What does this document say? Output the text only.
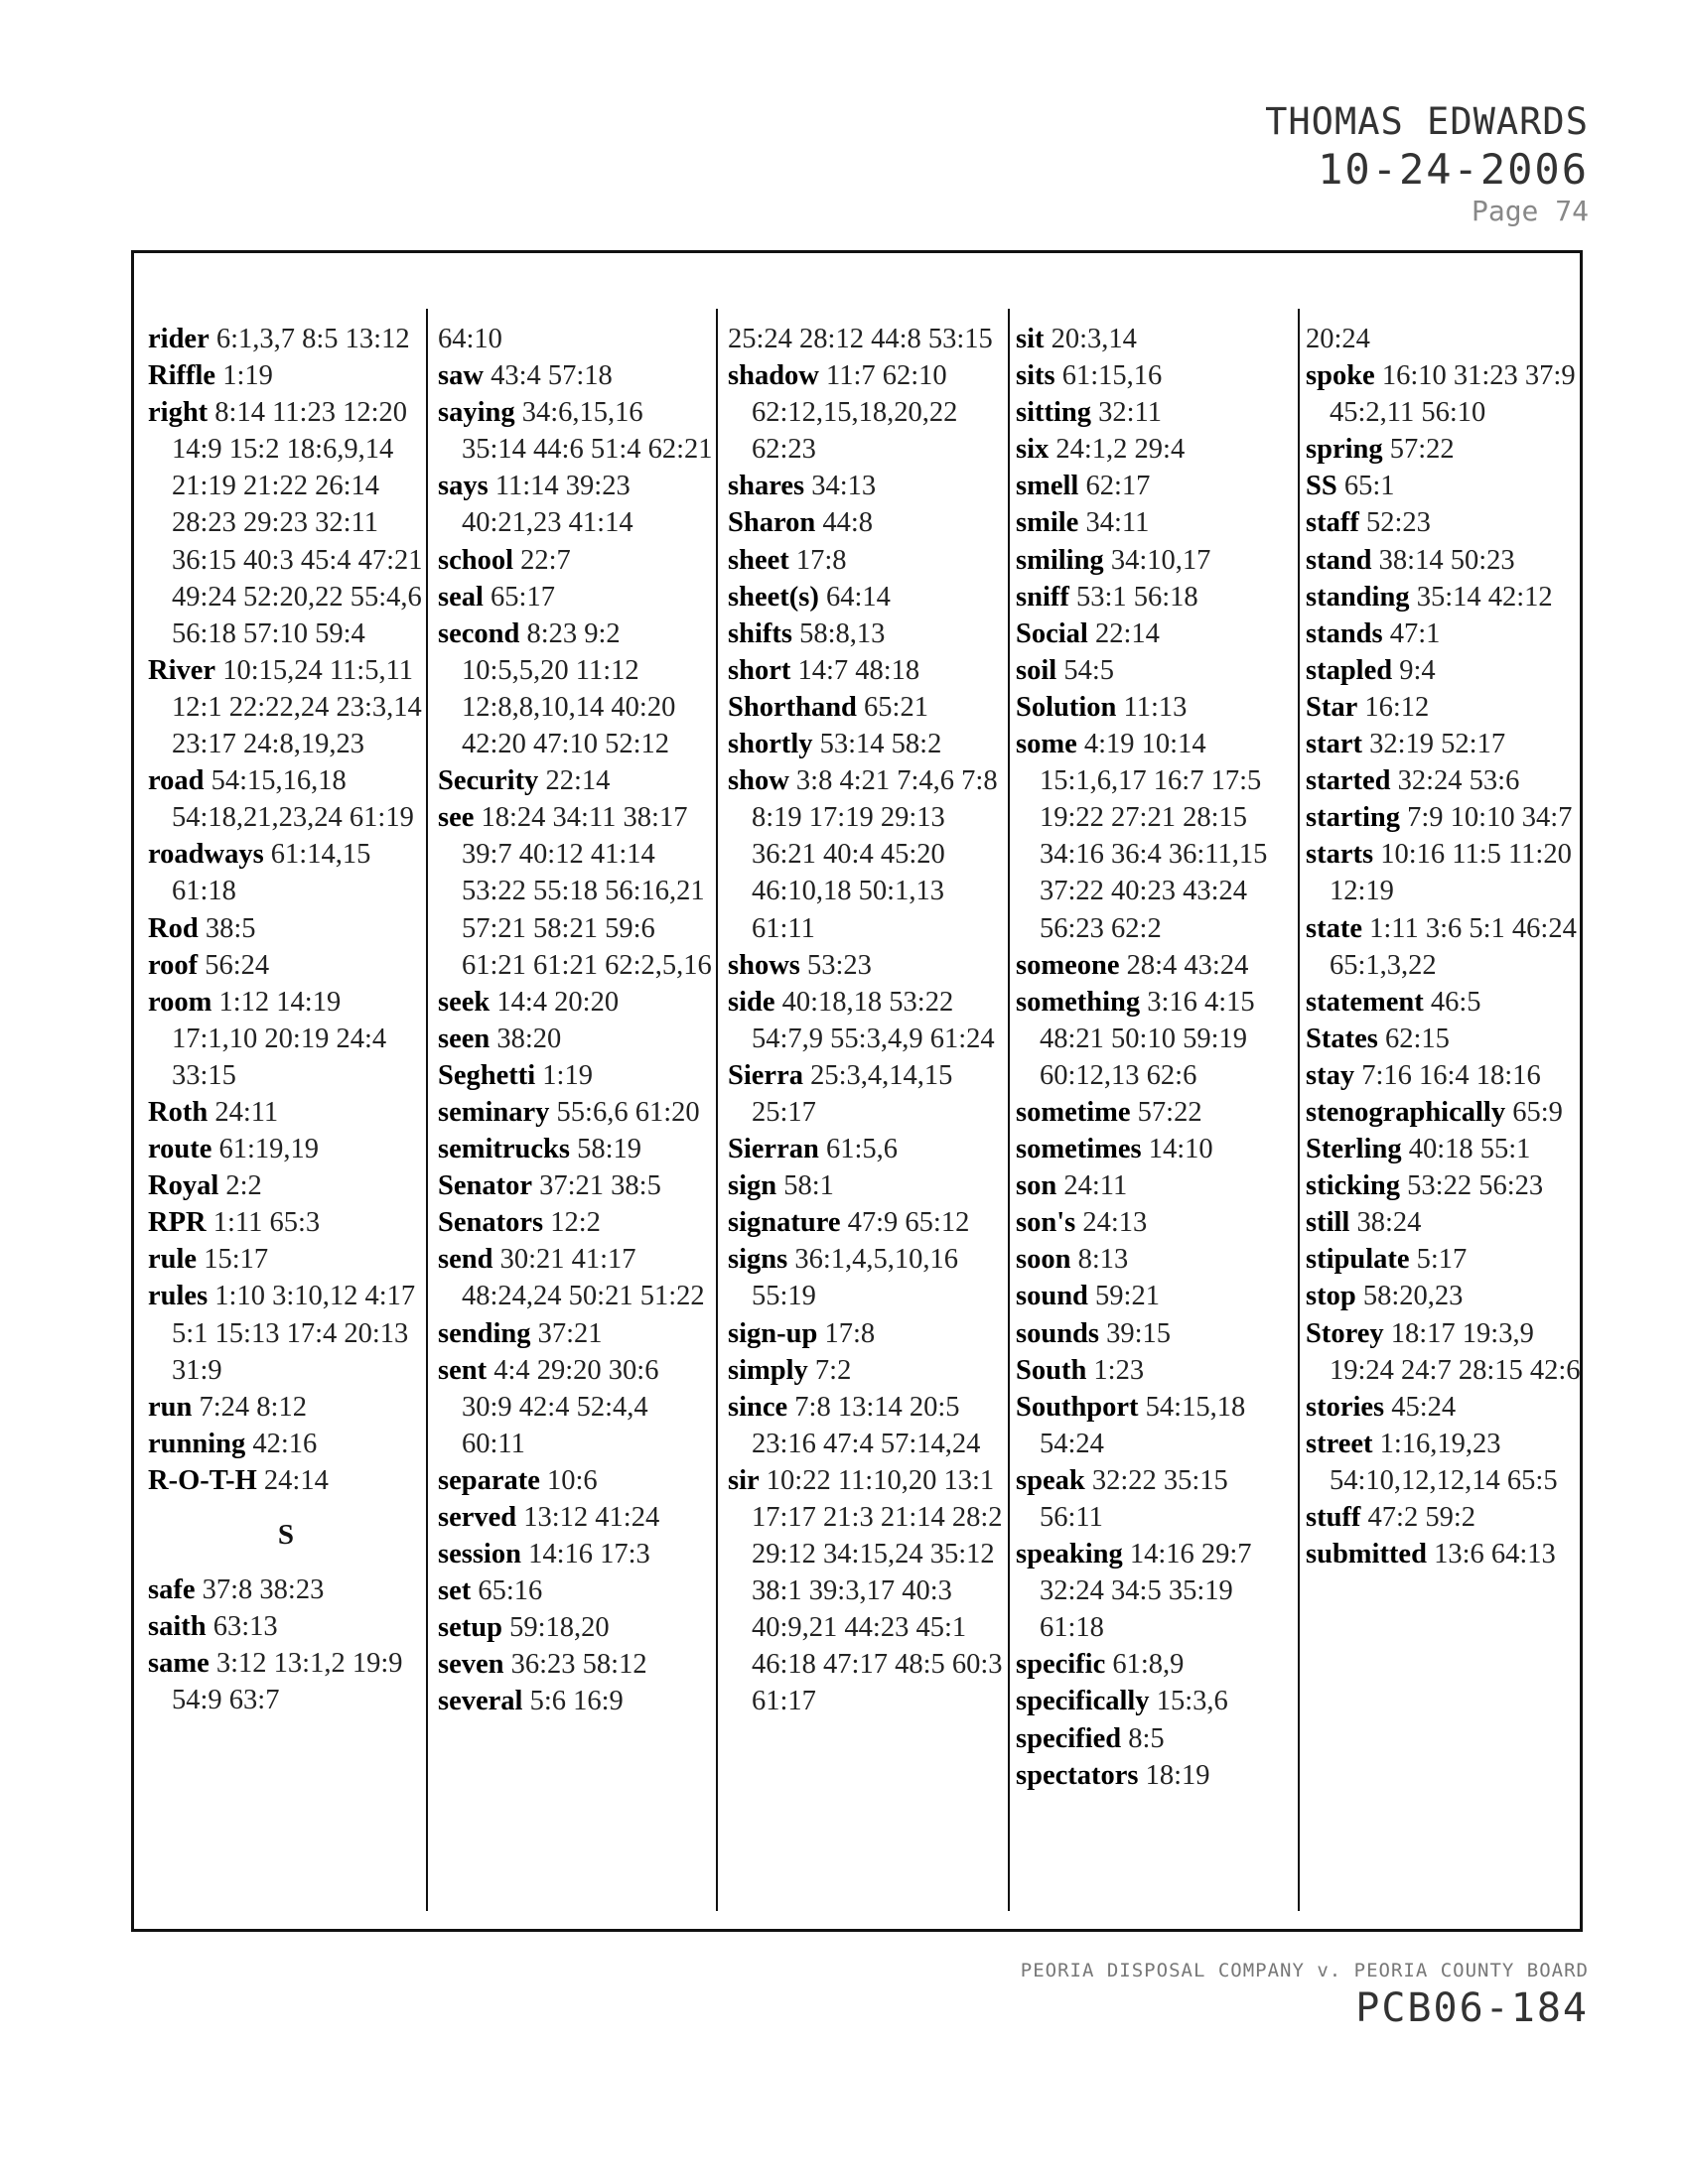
THOMAS EDWARDS
10-24-2006
Page 74
rider 6:1,3,7 8:5 13:12
Riffle 1:19
right 8:14 11:23 12:20 14:9 15:2 18:6,9,14 21:19 21:22 26:14 28:23 29:23 32:11 36:15 40:3 45:4 47:21 49:24 52:20,22 55:4,6 56:18 57:10 59:4
River 10:15,24 11:5,11 12:1 22:22,24 23:3,14 23:17 24:8,19,23
road 54:15,16,18 54:18,21,23,24 61:19
roadways 61:14,15 61:18
Rod 38:5
roof 56:24
room 1:12 14:19 17:1,10 20:19 24:4 33:15
Roth 24:11
route 61:19,19
Royal 2:2
RPR 1:11 65:3
rule 15:17
rules 1:10 3:10,12 4:17 5:1 15:13 17:4 20:13 31:9
run 7:24 8:12
running 42:16
R-O-T-H 24:14
S
safe 37:8 38:23
saith 63:13
same 3:12 13:1,2 19:9 54:9 63:7
64:10
saw 43:4 57:18
saying 34:6,15,16 35:14 44:6 51:4 62:21
says 11:14 39:23 40:21,23 41:14
school 22:7
seal 65:17
second 8:23 9:2 10:5,5,20 11:12 12:8,8,10,14 40:20 42:20 47:10 52:12
Security 22:14
see 18:24 34:11 38:17 39:7 40:12 41:14 53:22 55:18 56:16,21 57:21 58:21 59:6 61:21 61:21 62:2,5,16
seek 14:4 20:20
seen 38:20
Seghetti 1:19
seminary 55:6,6 61:20
semitrucks 58:19
Senator 37:21 38:5
Senators 12:2
send 30:21 41:17 48:24,24 50:21 51:22
sending 37:21
sent 4:4 29:20 30:6 30:9 42:4 52:4,4 60:11
separate 10:6
served 13:12 41:24
session 14:16 17:3
set 65:16
setup 59:18,20
seven 36:23 58:12
several 5:6 16:9
25:24 28:12 44:8 53:15
shadow 11:7 62:10 62:12,15,18,20,22 62:23
shares 34:13
Sharon 44:8
sheet 17:8
sheet(s) 64:14
shifts 58:8,13
short 14:7 48:18
Shorthand 65:21
shortly 53:14 58:2
show 3:8 4:21 7:4,6 7:8 8:19 17:19 29:13 36:21 40:4 45:20 46:10,18 50:1,13 61:11
shows 53:23
side 40:18,18 53:22 54:7,9 55:3,4,9 61:24
Sierra 25:3,4,14,15 25:17
Sierran 61:5,6
sign 58:1
signature 47:9 65:12
signs 36:1,4,5,10,16 55:19
sign-up 17:8
simply 7:2
since 7:8 13:14 20:5 23:16 47:4 57:14,24
sir 10:22 11:10,20 13:1 17:17 21:3 21:14 28:2 29:12 34:15,24 35:12 38:1 39:3,17 40:3 40:9,21 44:23 45:1 46:18 47:17 48:5 60:3 61:17
sit 20:3,14
sits 61:15,16
sitting 32:11
six 24:1,2 29:4
smell 62:17
smile 34:11
smiling 34:10,17
sniff 53:1 56:18
Social 22:14
soil 54:5
Solution 11:13
some 4:19 10:14 15:1,6,17 16:7 17:5 19:22 27:21 28:15 34:16 36:4 36:11,15 37:22 40:23 43:24 56:23 62:2
someone 28:4 43:24
something 3:16 4:15 48:21 50:10 59:19 60:12,13 62:6
sometime 57:22
sometimes 14:10
son 24:11
son's 24:13
soon 8:13
sound 59:21
sounds 39:15
South 1:23
Southport 54:15,18 54:24
speak 32:22 35:15 56:11
speaking 14:16 29:7 32:24 34:5 35:19 61:18
specific 61:8,9
specifically 15:3,6
specified 8:5
spectators 18:19
20:24
spoke 16:10 31:23 37:9 45:2,11 56:10
spring 57:22
SS 65:1
staff 52:23
stand 38:14 50:23
standing 35:14 42:12
stands 47:1
stapled 9:4
Star 16:12
start 32:19 52:17
started 32:24 53:6
starting 7:9 10:10 34:7
starts 10:16 11:5 11:20 12:19
state 1:11 3:6 5:1 46:24 65:1,3,22
statement 46:5
States 62:15
stay 7:16 16:4 18:16
stenographically 65:9
Sterling 40:18 55:1
sticking 53:22 56:23
still 38:24
stipulate 5:17
stop 58:20,23
Storey 18:17 19:3,9 19:24 24:7 28:15 42:6
stories 45:24
street 1:16,19,23 54:10,12,12,14 65:5
stuff 47:2 59:2
submitted 13:6 64:13
PEORIA DISPOSAL COMPANY v. PEORIA COUNTY BOARD
PCB06-184
